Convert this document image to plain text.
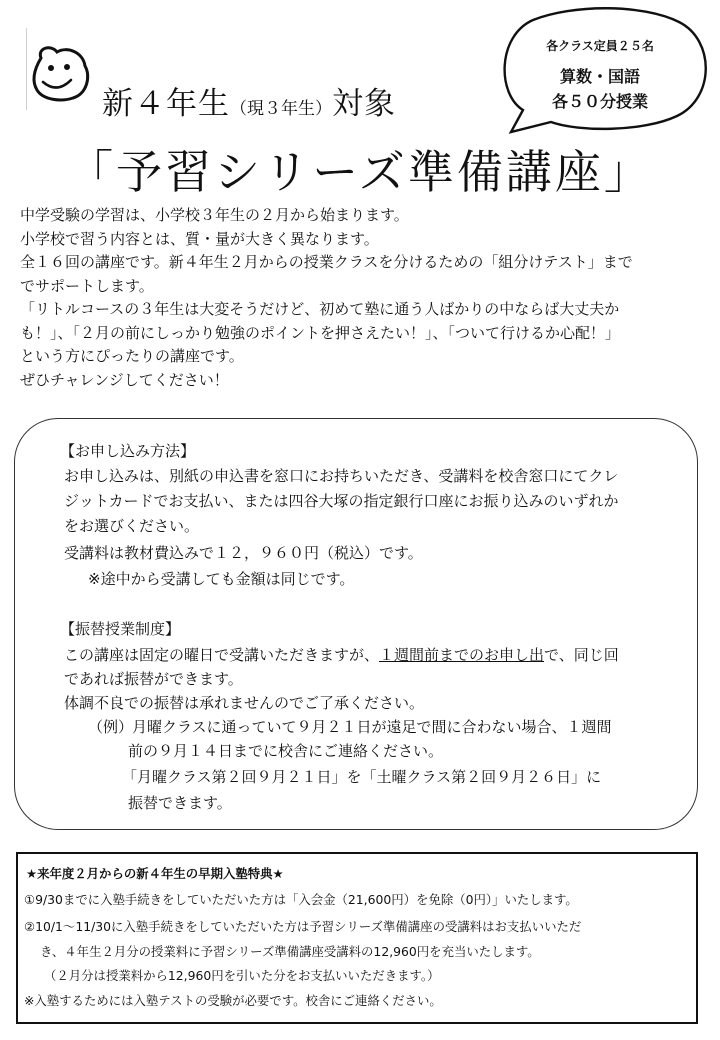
新４年生（現３年生）対象
各クラス定員２５名
算数・国語
各５０分授業
「予習シリーズ準備講座」

中学受験の学習は、小学校３年生の２月から始まります。

小学校で習う内容とは、質・量が大きく異なります。

全１６回の講座です。新４年生２月からの授業クラスを分けるための「組分けテスト」まで

でサポートします。

「リトルコースの３年生は大変そうだけど、初めて塾に通う人ばかりの中ならば大丈夫か

も！」、「２月の前にしっかり勉強のポイントを押さえたい！」、「ついて行けるか心配！」

という方にぴったりの講座です。

ぜひチャレンジしてください！

【お申し込み方法】
お申し込みは、別紙の申込書を窓口にお持ちいただき、受講料を校舎窓口にてクレ
ジットカードでお支払い、または四谷大塚の指定銀行口座にお振り込みのいずれか
をお選びください。
受講料は教材費込みで１２，９６０円（税込）です。
※途中から受講しても金額は同じです。
【振替授業制度】
この講座は固定の曜日で受講いただきますが、１週間前までのお申し出で、同じ回
であれば振替ができます。
体調不良での振替は承れませんのでご了承ください。
（例）
月曜クラスに通っていて９月２１日が遠足で間に合わない場合、１週間
前の９月１４日までに校舎にご連絡ください。
「月曜クラス第２回９月２１日」を「土曜クラス第２回９月２６日」に
振替できます。
★来年度２月からの新４年生の早期入塾特典★
①9/30までに入塾手続きをしていただいた方は「入会金（21,600円）を免除（0円）」いたします。
②10/1～11/30に入塾手続きをしていただいた方は予習シリーズ準備講座の受講料はお支払いいただ
き、４年生２月分の授業料に予習シリーズ準備講座受講料の12,960円を充当いたします。
（２月分は授業料から12,960円を引いた分をお支払いいただきます。）
※入塾するためには入塾テストの受験が必要です。校舎にご連絡ください。
